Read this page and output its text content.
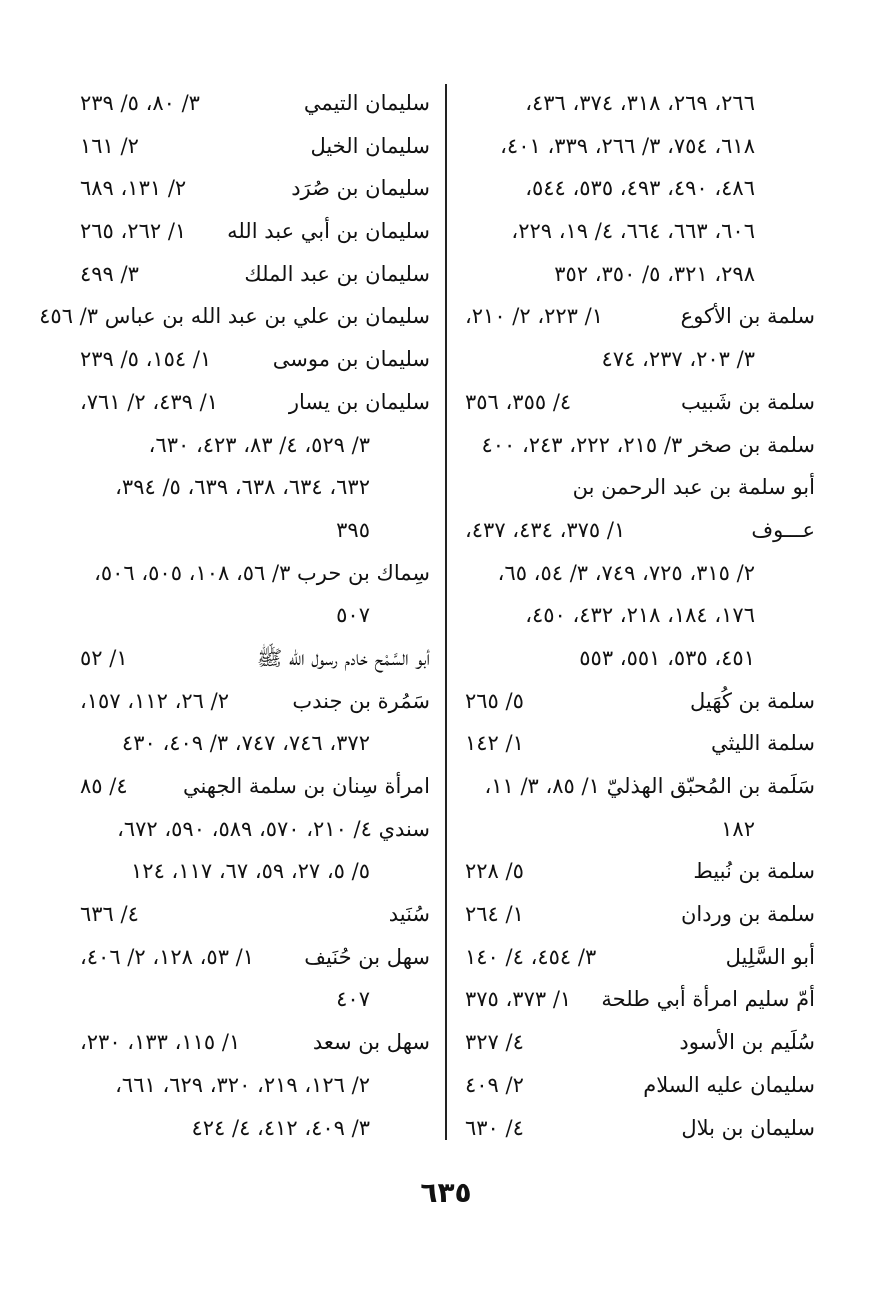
٢٦٦، ٢٦٩، ٣١٨، ٣٧٤، ٤٣٦،
٦١٨، ٧٥٤، ٣/ ٢٦٦، ٣٣٩، ٤٠١،
٤٨٦، ٤٩٠، ٤٩٣، ٥٣٥، ٥٤٤،
٦٠٦، ٦٦٣، ٦٦٤، ٤/ ١٩، ٢٢٩،
٢٩٨، ٣٢١، ٥/ ٣٥٠، ٣٥٢
سلمة بن الأكوع
١/ ٢٢٣، ٢/ ٢١٠،
٣/ ٢٠٣، ٢٣٧، ٤٧٤
سلمة بن شَبيب
٤/ ٣٥٥، ٣٥٦
سلمة بن صخر ٣/ ٢١٥، ٢٢٢، ٢٤٣، ٤٠٠
أبو سلمة بن عبد الرحمن بن
عـــوف
١/ ٣٧٥، ٤٣٤، ٤٣٧،
٢/ ٣١٥، ٧٢٥، ٧٤٩، ٣/ ٥٤، ٦٥،
١٧٦، ١٨٤، ٢١٨، ٤٣٢، ٤٥٠،
٤٥١، ٥٣٥، ٥٥١، ٥٥٣
سلمة بن كُهَيل
٥/ ٢٦٥
سلمة الليثي
١/ ١٤٢
سَلَمة بن المُحبّق الهذليّ ١/ ٨٥، ٣/ ١١،
١٨٢
سلمة بن نُبيط
٥/ ٢٢٨
سلمة بن وردان
١/ ٢٦٤
أبو السَّلِيل
٣/ ٤٥٤، ٤/ ١٤٠
أمّ سليم امرأة أبي طلحة
١/ ٣٧٣، ٣٧٥
سُلَيم بن الأسود
٤/ ٣٢٧
سليمان عليه السلام
٢/ ٤٠٩
سليمان بن بلال
٤/ ٦٣٠
سليمان التيمي
٣/ ٨٠، ٥/ ٢٣٩
سليمان الخيل
٢/ ١٦١
سليمان بن صُرَد
٢/ ١٣١، ٦٨٩
سليمان بن أبي عبد الله
١/ ٢٦٢، ٢٦٥
سليمان بن عبد الملك
٣/ ٤٩٩
سليمان بن علي بن عبد الله بن عباس ٣/ ٤٥٦
سليمان بن موسى
١/ ١٥٤، ٥/ ٢٣٩
سليمان بن يسار
١/ ٤٣٩، ٢/ ٧٦١،
٣/ ٥٢٩، ٤/ ٨٣، ٤٢٣، ٦٣٠،
٦٣٢، ٦٣٤، ٦٣٨، ٦٣٩، ٥/ ٣٩٤،
٣٩٥
سِماك بن حرب ٣/ ٥٦، ١٠٨، ٥٠٥، ٥٠٦،
٥٠٧
أبو السَّمْح خادم رسول الله ﷺ
١/ ٥٢
سَمُرة بن جندب
٢/ ٢٦، ١١٢، ١٥٧،
٣٧٢، ٧٤٦، ٧٤٧، ٣/ ٤٠٩، ٤٣٠
امرأة سِنان بن سلمة الجهني
٤/ ٨٥
سندي ٤/ ٢١٠، ٥٧٠، ٥٨٩، ٥٩٠، ٦٧٢،
٥/ ٥، ٢٧، ٥٩، ٦٧، ١١٧، ١٢٤
سُنَيد
٤/ ٦٣٦
سهل بن حُنَيف
١/ ٥٣، ١٢٨، ٢/ ٤٠٦،
٤٠٧
سهل بن سعد
١/ ١١٥، ١٣٣، ٢٣٠،
٢/ ١٢٦، ٢١٩، ٣٢٠، ٦٢٩، ٦٦١،
٣/ ٤٠٩، ٤١٢، ٤/ ٤٢٤
٦٣٥
